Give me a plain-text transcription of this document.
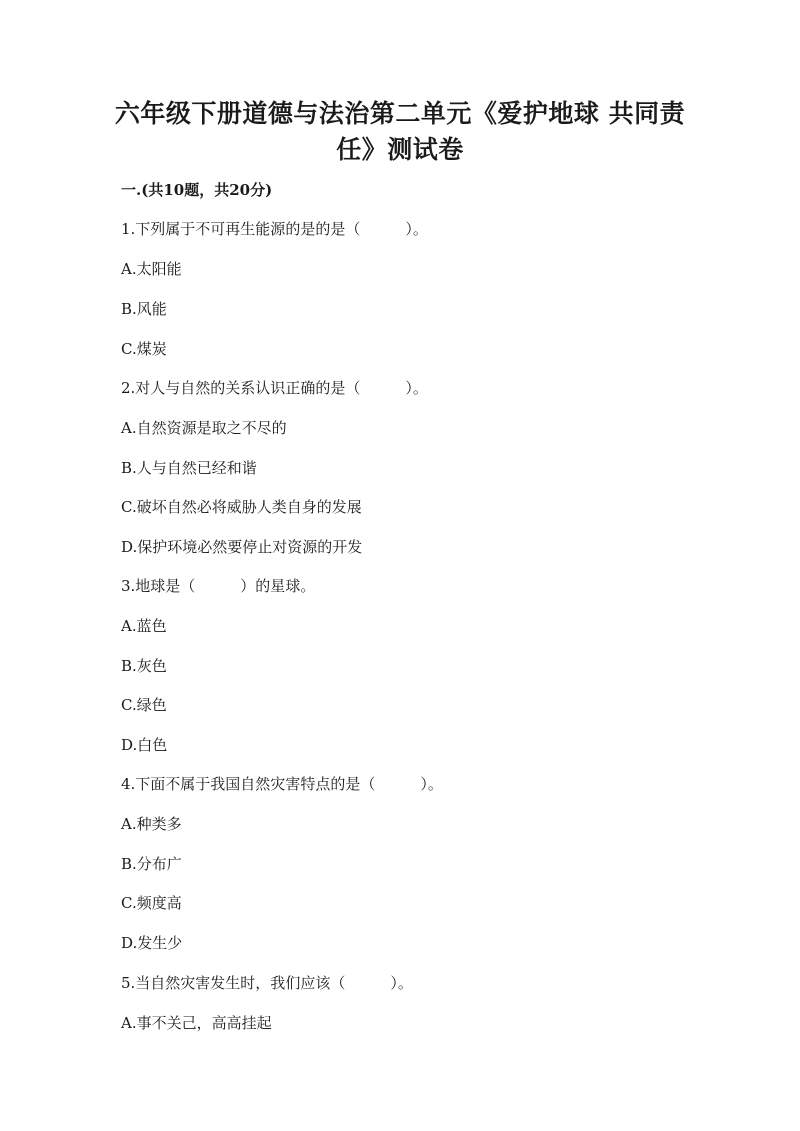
六年级下册道德与法治第二单元《爱护地球 共同责
任》测试卷
一.(共10题，共20分)
1.下列属于不可再生能源的是的是（　　　）。
A.太阳能
B.风能
C.煤炭
2.对人与自然的关系认识正确的是（　　　）。
A.自然资源是取之不尽的
B.人与自然已经和谐
C.破坏自然必将威胁人类自身的发展
D.保护环境必然要停止对资源的开发
3.地球是（　　　）的星球。
A.蓝色
B.灰色
C.绿色
D.白色
4.下面不属于我国自然灾害特点的是（　　　）。
A.种类多
B.分布广
C.频度高
D.发生少
5.当自然灾害发生时，我们应该（　　　）。
A.事不关己，高高挂起
